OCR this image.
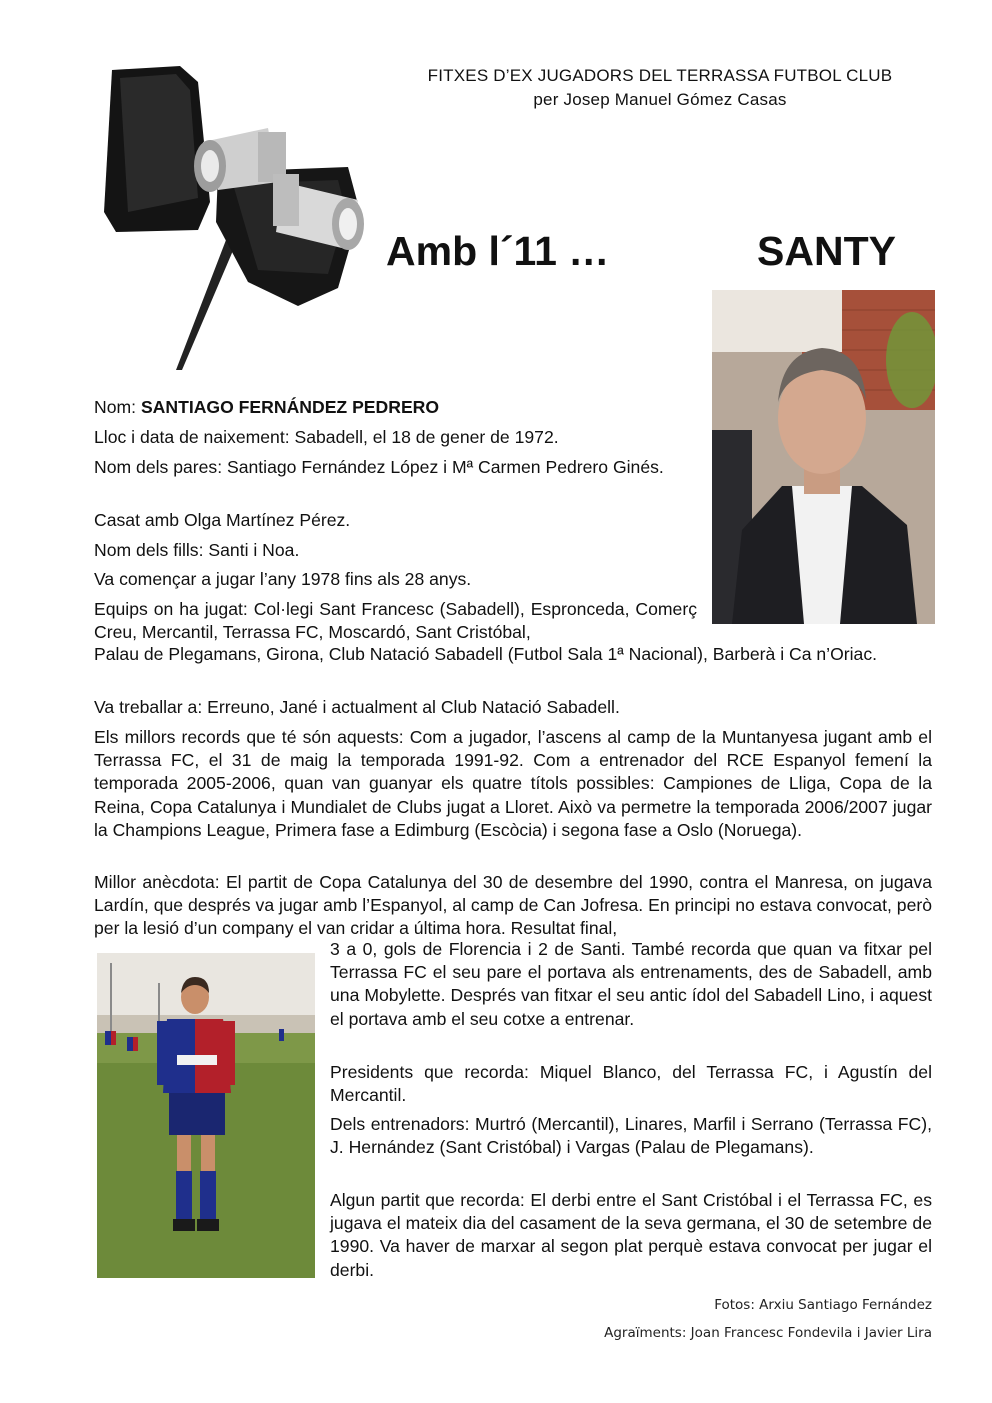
FITXES D’EX JUGADORS DEL TERRASSA FUTBOL CLUB
per Josep Manuel Gómez Casas
Amb l´11 …	SANTY

Nom: SANTIAGO FERNÁNDEZ PEDRERO

Lloc i data de naixement: Sabadell, el 18 de gener de 1972.

Nom dels pares: Santiago Fernández López i Mª Carmen Pedrero Ginés.

Casat amb Olga Martínez Pérez.

Nom dels fills: Santi i Noa.

Va començar a jugar l’any 1978 fins als 28 anys.

Equips on ha jugat: Col·legi Sant Francesc (Sabadell), Espronceda, Comerç Creu, Mercantil, Terrassa FC, Moscardó, Sant Cristóbal,

Palau de Plegamans, Girona, Club Natació Sabadell (Futbol Sala 1ª Nacional), Barberà i Ca n’Oriac.

Va treballar a: Erreuno, Jané i actualment al Club Natació Sabadell.

Els millors records que té són aquests: Com a jugador, l’ascens al camp de la Muntanyesa jugant amb el Terrassa FC, el 31 de maig la temporada 1991-92. Com a entrenador del RCE Espanyol femení la temporada 2005-2006, quan van guanyar els quatre títols possibles: Campiones de Lliga, Copa de la Reina, Copa Catalunya i Mundialet de Clubs jugat a Lloret. Això va permetre la temporada 2006/2007 jugar la Champions League, Primera fase a Edimburg (Escòcia) i segona fase a Oslo (Noruega).

Millor anècdota: El partit de Copa Catalunya del 30 de desembre del 1990, contra el Manresa, on jugava Lardín, que després va jugar amb l’Espanyol, al camp de Can Jofresa. En principi no estava convocat, però per la lesió d’un company el van cridar a última hora. Resultat final,

3 a 0, gols de Florencia i 2 de Santi. També recorda que quan va fitxar pel Terrassa FC el seu pare el portava als entrenaments, des de Sabadell, amb una Mobylette. Després van fitxar el seu antic ídol del Sabadell Lino, i aquest el portava amb el seu cotxe a entrenar.

Presidents que recorda: Miquel Blanco, del Terrassa FC, i Agustín del Mercantil.

Dels entrenadors: Murtró (Mercantil), Linares, Marfil i Serrano (Terrassa FC), J. Hernández (Sant Cristóbal) i Vargas (Palau de Plegamans).

Algun partit que recorda: El derbi entre el Sant Cristóbal i el Terrassa FC, es jugava el mateix dia del casament de la seva germana, el 30 de setembre de 1990. Va haver de marxar al segon plat perquè estava convocat per jugar el derbi.

Fotos: Arxiu Santiago Fernández
Agraïments: Joan Francesc Fondevila i Javier Lira
